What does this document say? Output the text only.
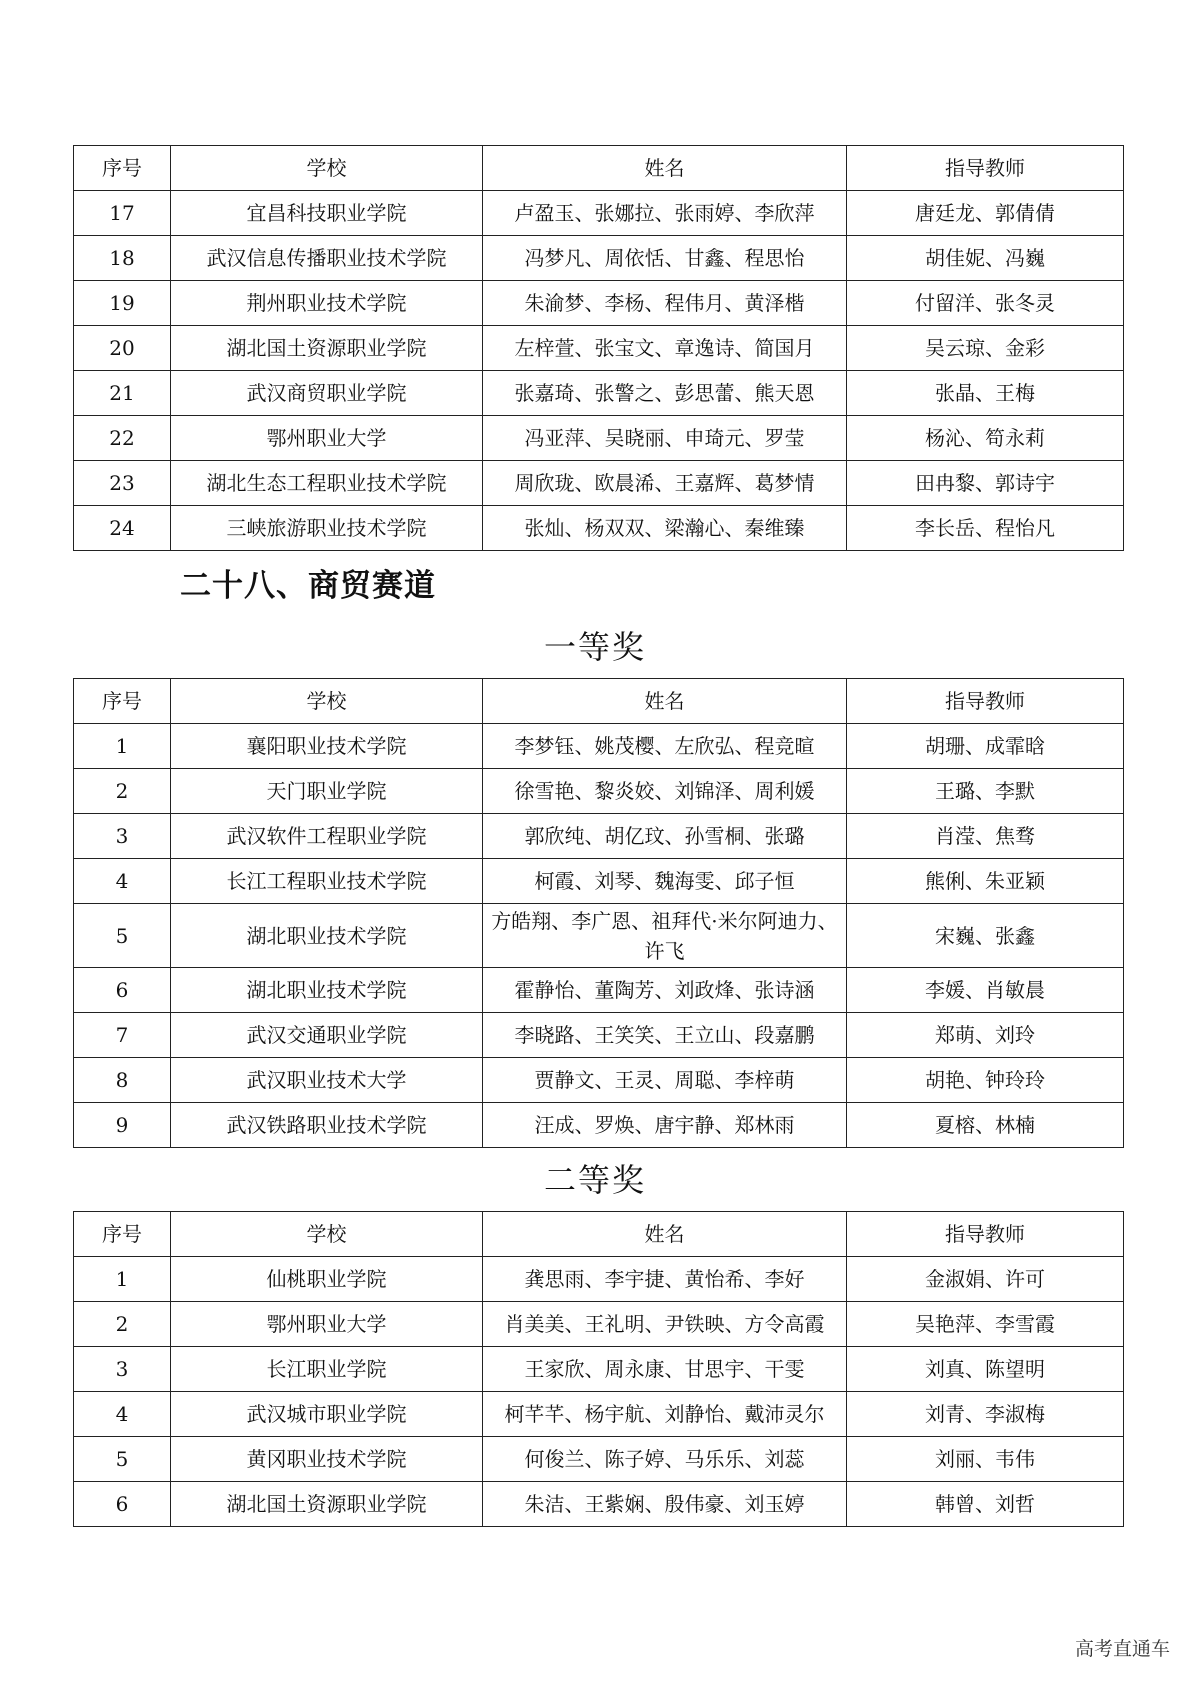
序号	学校	姓名	指导教师
17	宜昌科技职业学院	卢盈玉、张娜拉、张雨婷、李欣萍	唐廷龙、郭倩倩
18	武汉信息传播职业技术学院	冯梦凡、周依恬、甘鑫、程思怡	胡佳妮、冯巍
19	荆州职业技术学院	朱渝梦、李杨、程伟月、黄泽楷	付留洋、张冬灵
20	湖北国土资源职业学院	左梓萱、张宝文、章逸诗、简国月	吴云琼、金彩
21	武汉商贸职业学院	张嘉琦、张警之、彭思蕾、熊天恩	张晶、王梅
22	鄂州职业大学	冯亚萍、吴晓丽、申琦元、罗莹	杨沁、笱永莉
23	湖北生态工程职业技术学院	周欣珑、欧晨浠、王嘉辉、葛梦情	田冉黎、郭诗宇
24	三峡旅游职业技术学院	张灿、杨双双、梁瀚心、秦维臻	李长岳、程怡凡
二十八、商贸赛道
一等奖
序号	学校	姓名	指导教师
1	襄阳职业技术学院	李梦钰、姚茂樱、左欣弘、程竞暄	胡珊、成霏晗
2	天门职业学院	徐雪艳、黎炎姣、刘锦泽、周利媛	王璐、李默
3	武汉软件工程职业学院	郭欣纯、胡亿玟、孙雪桐、张璐	肖滢、焦骛
4	长江工程职业技术学院	柯霞、刘琴、魏海雯、邱子恒	熊俐、朱亚颖
5	湖北职业技术学院	方皓翔、李广恩、祖拜代·米尔阿迪力、许飞	宋巍、张鑫
6	湖北职业技术学院	霍静怡、董陶芳、刘政烽、张诗涵	李媛、肖敏晨
7	武汉交通职业学院	李晓路、王笑笑、王立山、段嘉鹏	郑萌、刘玲
8	武汉职业技术大学	贾静文、王灵、周聪、李梓萌	胡艳、钟玲玲
9	武汉铁路职业技术学院	汪成、罗焕、唐宇静、郑林雨	夏榕、林楠
二等奖
序号	学校	姓名	指导教师
1	仙桃职业学院	龚思雨、李宇捷、黄怡希、李好	金淑娟、许可
2	鄂州职业大学	肖美美、王礼明、尹铁映、方令高霞	吴艳萍、李雪霞
3	长江职业学院	王家欣、周永康、甘思宇、干雯	刘真、陈望明
4	武汉城市职业学院	柯芊芊、杨宇航、刘静怡、戴沛灵尔	刘青、李淑梅
5	黄冈职业技术学院	何俊兰、陈子婷、马乐乐、刘蕊	刘丽、韦伟
6	湖北国土资源职业学院	朱洁、王紫娴、殷伟豪、刘玉婷	韩曾、刘哲
高考直通车
